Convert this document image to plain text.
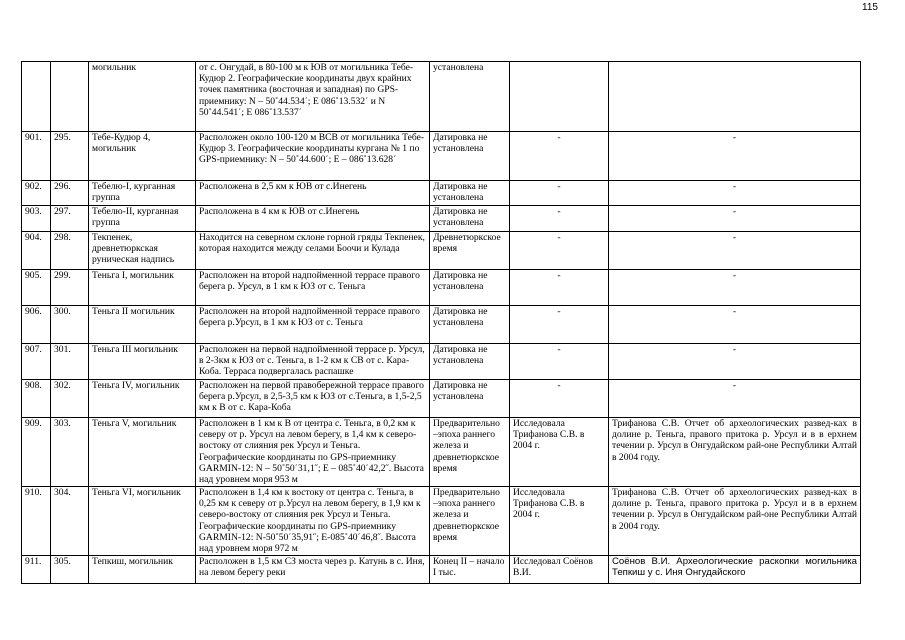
115

		могильник	от с. Онгудай, в 80-100 м к ЮВ от могильника Тебе-Кудюр 2. Географические координаты двух крайних точек памятника (восточная и западная) по GPS-приемнику: N – 50˚44.534΄; E 086˚13.532΄ и N 50˚44.541΄; E 086˚13.537΄	установлена		

901.	295.	Тебе-Кудюр 4, могильник	Расположен около 100-120 м ВСВ от могильника Тебе-Кудюр 3. Географические координаты кургана № 1 по GPS-приемнику: N – 50˚44.600΄; E – 086˚13.628΄	Датировка не установлена	-	-

902.	296.	Тебелю-I, курганная группа	Расположена в 2,5 км к ЮВ от с.Инегень	Датировка не установлена	-	-

903.	297.	Тебелю-II, курганная группа	Расположена в 4 км к ЮВ от с.Инегень	Датировка не установлена	-	-

904.	298.	Текпенек, древнетюркская руническая надпись	Находится на северном склоне горной гряды Текпенек, которая находится между селами Боочи и Кулада	Древнетюркское время	-	-

905.	299.	Теньга I, могильник	Расположен на второй надпойменной террасе правого берега р. Урсул, в 1 км к ЮЗ от с. Теньга	Датировка не установлена	-	-

906.	300.	Теньга II могильник	Расположен на второй надпойменной террасе правого берега р.Урсул, в 1 км к ЮЗ от с. Теньга	Датировка не установлена	-	-

907.	301.	Теньга III могильник	Расположен на первой надпойменной террасе р. Урсул, в 2-3км к ЮЗ от с. Теньга, в 1-2 км к СВ от с. Кара-Коба. Терраса подвергалась распашке	Датировка не установлена	-	-

908.	302.	Теньга IV, могильник	Расположен на первой правобережной террасе правого берега р.Урсул, в 2,5-3,5 км к ЮЗ от с.Теньга, в 1,5-2,5 км к В от с. Кара-Коба	Датировка не установлена	-	-

909.	303.	Теньга V, могильник	Расположен в 1 км к В от центра с. Теньга, в 0,2 км к северу от р. Урсул на левом берегу, в 1,4 км к северо-востоку от слияния рек Урсул и Теньга. Географические координаты по GPS-приемнику GARMIN-12: N – 50˚50΄31,1˝; E – 085˚40΄42,2˝. Высота над уровнем моря 953 м	Предварительно –эпоха раннего железа и древнетюркское время	Исследовала Трифанова С.В. в 2004 г.	Трифанова С.В. Отчет об археологических развед-ках в долине р. Теньга, правого притока р. Урсул и в в ерхнем течении р. Урсул в Онгудайском рай-оне Республики Алтай в 2004 году.

910.	304.	Теньга VI, могильник	Расположен в 1,4 км к востоку от центра с. Теньга, в 0,25 км к северу от р.Урсул на левом берегу, в 1,9 км к северо-востоку от слияния рек Урсул и Теньга. Географические координаты по GPS-приемнику GARMIN-12: N-50˚50΄35,91˝; E-085˚40΄46,8˝. Высота над уровнем моря 972 м	Предварительно –эпоха раннего железа и древнетюркское время	Исследовала Трифанова С.В. в 2004 г.	Трифанова С.В. Отчет об археологических развед-ках в долине р. Теньга, правого притока р. Урсул и в в ерхнем течении р. Урсул в Онгудайском рай-оне Республики Алтай в 2004 году.

911.	305.	Тепкиш, могильник	Расположен в 1,5 км СЗ моста через р. Катунь в с. Иня, на левом берегу реки	Конец II – начало I тыс.	Исследовал Соёнов В.И.	Соёнов В.И. Археологические раскопки могильника Тепкиш у с. Иня Онгудайского
